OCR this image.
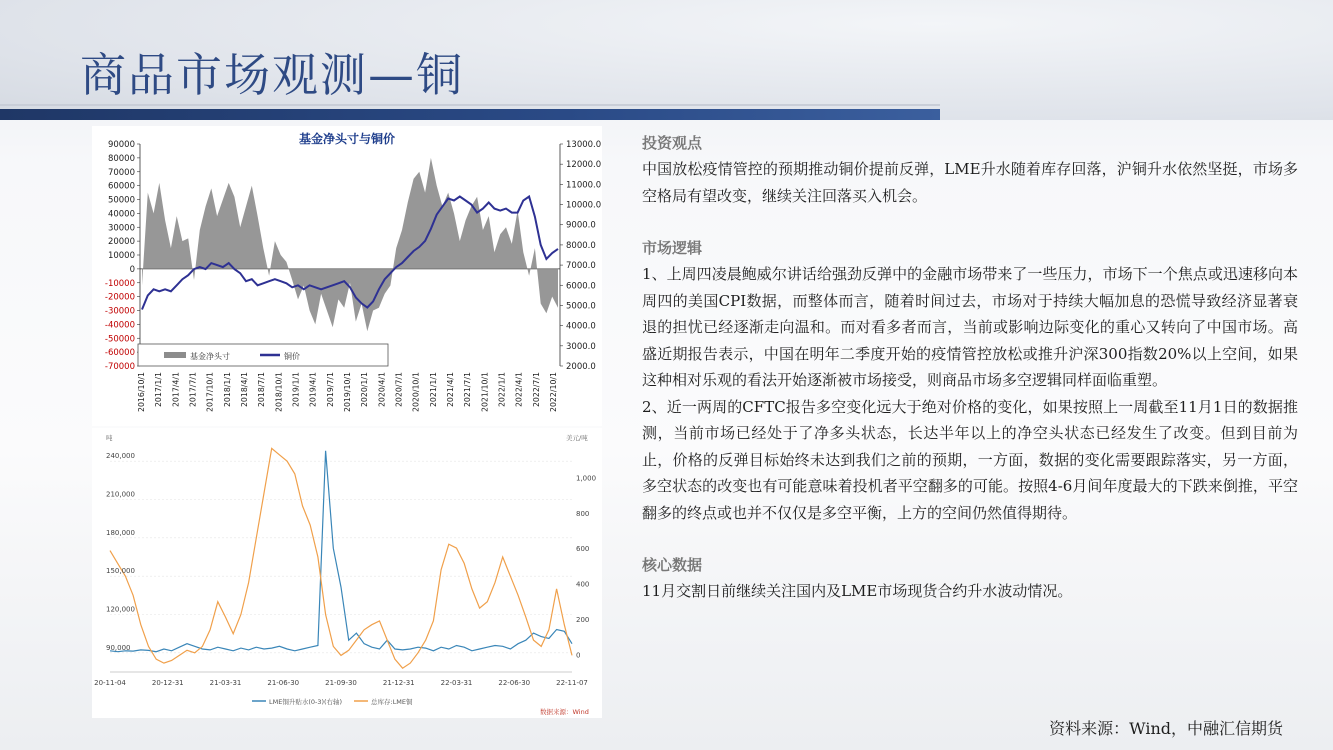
商品市场观测—铜
基金净头寸与铜价
90000
80000
70000
60000
50000
40000
30000
20000
10000
0
-10000
-20000
-30000
-40000
-50000
-60000
-70000
13000.0
12000.0
11000.0
10000.0
9000.0
8000.0
7000.0
6000.0
5000.0
4000.0
3000.0
2000.0
2016/10/1 2017/1/1 2017/4/1 2017/7/1 2017/10/1 2018/1/1 2018/4/1 2018/7/1 2018/10/1 2019/1/1 2019/4/1 2019/7/1 2019/10/1 2020/1/1 2020/4/1 2020/7/1 2020/10/1 2021/1/1 2021/4/1 2021/7/1 2021/10/1 2022/1/1 2022/4/1 2022/7/1 2022/10/1
基金净头寸	铜价
吨	美元/吨
240,000
210,000
180,000
150,000
120,000
90,000
1,000
800
600
400
200
0
20-11-04	20-12-31	21-03-31	21-06-30	21-09-30	21-12-31	22-03-31	22-06-30	22-11-07
LME铜升贴水(0-3)(右轴)	总库存:LME铜
数据来源：Wind
投资观点
中国放松疫情管控的预期推动铜价提前反弹，LME升水随着库存回落，沪铜升水依然坚挺，市场多空格局有望改变，继续关注回落买入机会。
市场逻辑
1、上周四凌晨鲍威尔讲话给强劲反弹中的金融市场带来了一些压力，市场下一个焦点或迅速移向本周四的美国CPI数据，而整体而言，随着时间过去，市场对于持续大幅加息的恐慌导致经济显著衰退的担忧已经逐渐走向温和。而对看多者而言，当前或影响边际变化的重心又转向了中国市场。高盛近期报告表示，中国在明年二季度开始的疫情管控放松或推升沪深300指数20%以上空间，如果这种相对乐观的看法开始逐渐被市场接受，则商品市场多空逻辑同样面临重塑。
2、近一两周的CFTC报告多空变化远大于绝对价格的变化，如果按照上一周截至11月1日的数据推测，当前市场已经处于了净多头状态，长达半年以上的净空头状态已经发生了改变。但到目前为止，价格的反弹目标始终未达到我们之前的预期，一方面，数据的变化需要跟踪落实，另一方面，多空状态的改变也有可能意味着投机者平空翻多的可能。按照4-6月间年度最大的下跌来倒推，平空翻多的终点或也并不仅仅是多空平衡，上方的空间仍然值得期待。
核心数据
11月交割日前继续关注国内及LME市场现货合约升水波动情况。
资料来源：Wind，中融汇信期货
